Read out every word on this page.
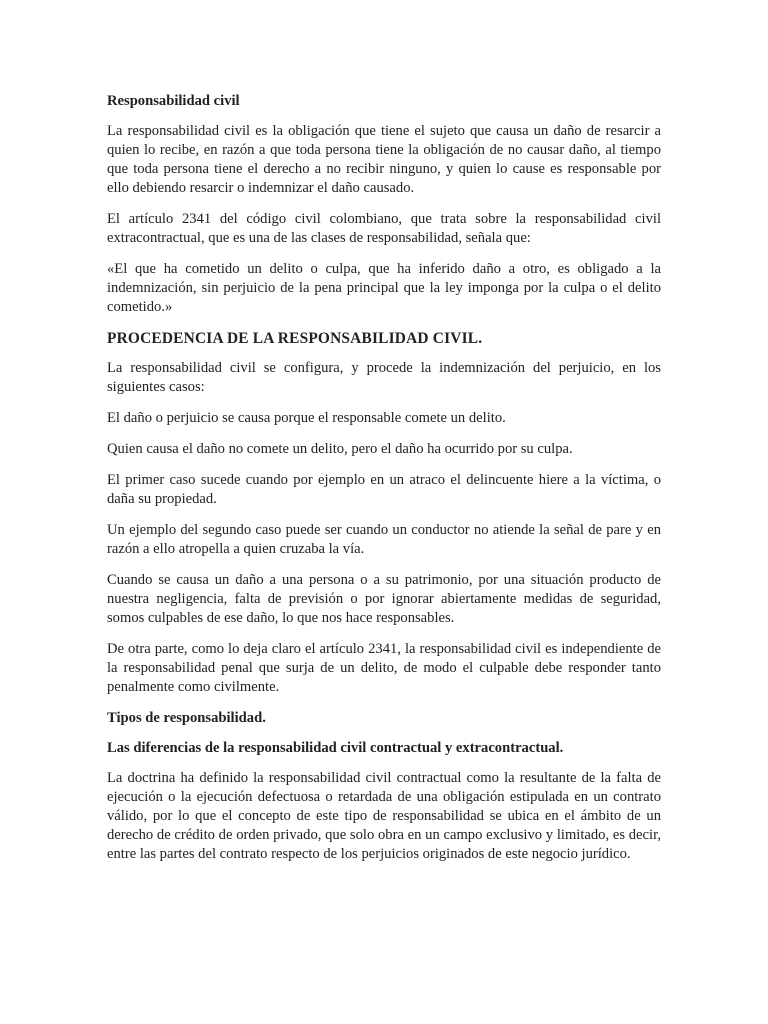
Responsabilidad civil

La responsabilidad civil es la obligación que tiene el sujeto que causa un daño de resarcir a quien lo recibe, en razón a que toda persona tiene la obligación de no causar daño, al tiempo que toda persona tiene el derecho a no recibir ninguno, y quien lo cause es responsable por ello debiendo resarcir o indemnizar el daño causado.

El artículo 2341 del código civil colombiano, que trata sobre la responsabilidad civil extracontractual, que es una de las clases de responsabilidad, señala que:

«El que ha cometido un delito o culpa, que ha inferido daño a otro, es obligado a la indemnización, sin perjuicio de la pena principal que la ley imponga por la culpa o el delito cometido.»

PROCEDENCIA DE LA RESPONSABILIDAD CIVIL.

La responsabilidad civil se configura, y procede la indemnización del perjuicio, en los siguientes casos:

El daño o perjuicio se causa porque el responsable comete un delito.

Quien causa el daño no comete un delito, pero el daño ha ocurrido por su culpa.

El primer caso sucede cuando por ejemplo en un atraco el delincuente hiere a la víctima, o daña su propiedad.

Un ejemplo del segundo caso puede ser cuando un conductor no atiende la señal de pare y en razón a ello atropella a quien cruzaba la vía.

Cuando se causa un daño a una persona o a su patrimonio, por una situación producto de nuestra negligencia, falta de previsión o por ignorar abiertamente medidas de seguridad, somos culpables de ese daño, lo que nos hace responsables.

De otra parte, como lo deja claro el artículo 2341, la responsabilidad civil es independiente de la responsabilidad penal que surja de un delito, de modo el culpable debe responder tanto penalmente como civilmente.

Tipos de responsabilidad.

Las diferencias de la responsabilidad civil contractual y extracontractual.

La doctrina ha definido la responsabilidad civil contractual como la resultante de la falta de ejecución o la ejecución defectuosa o retardada de una obligación estipulada en un contrato válido, por lo que el concepto de este tipo de responsabilidad se ubica en el ámbito de un derecho de crédito de orden privado, que solo obra en un campo exclusivo y limitado, es decir, entre las partes del contrato respecto de los perjuicios originados de este negocio jurídico.
